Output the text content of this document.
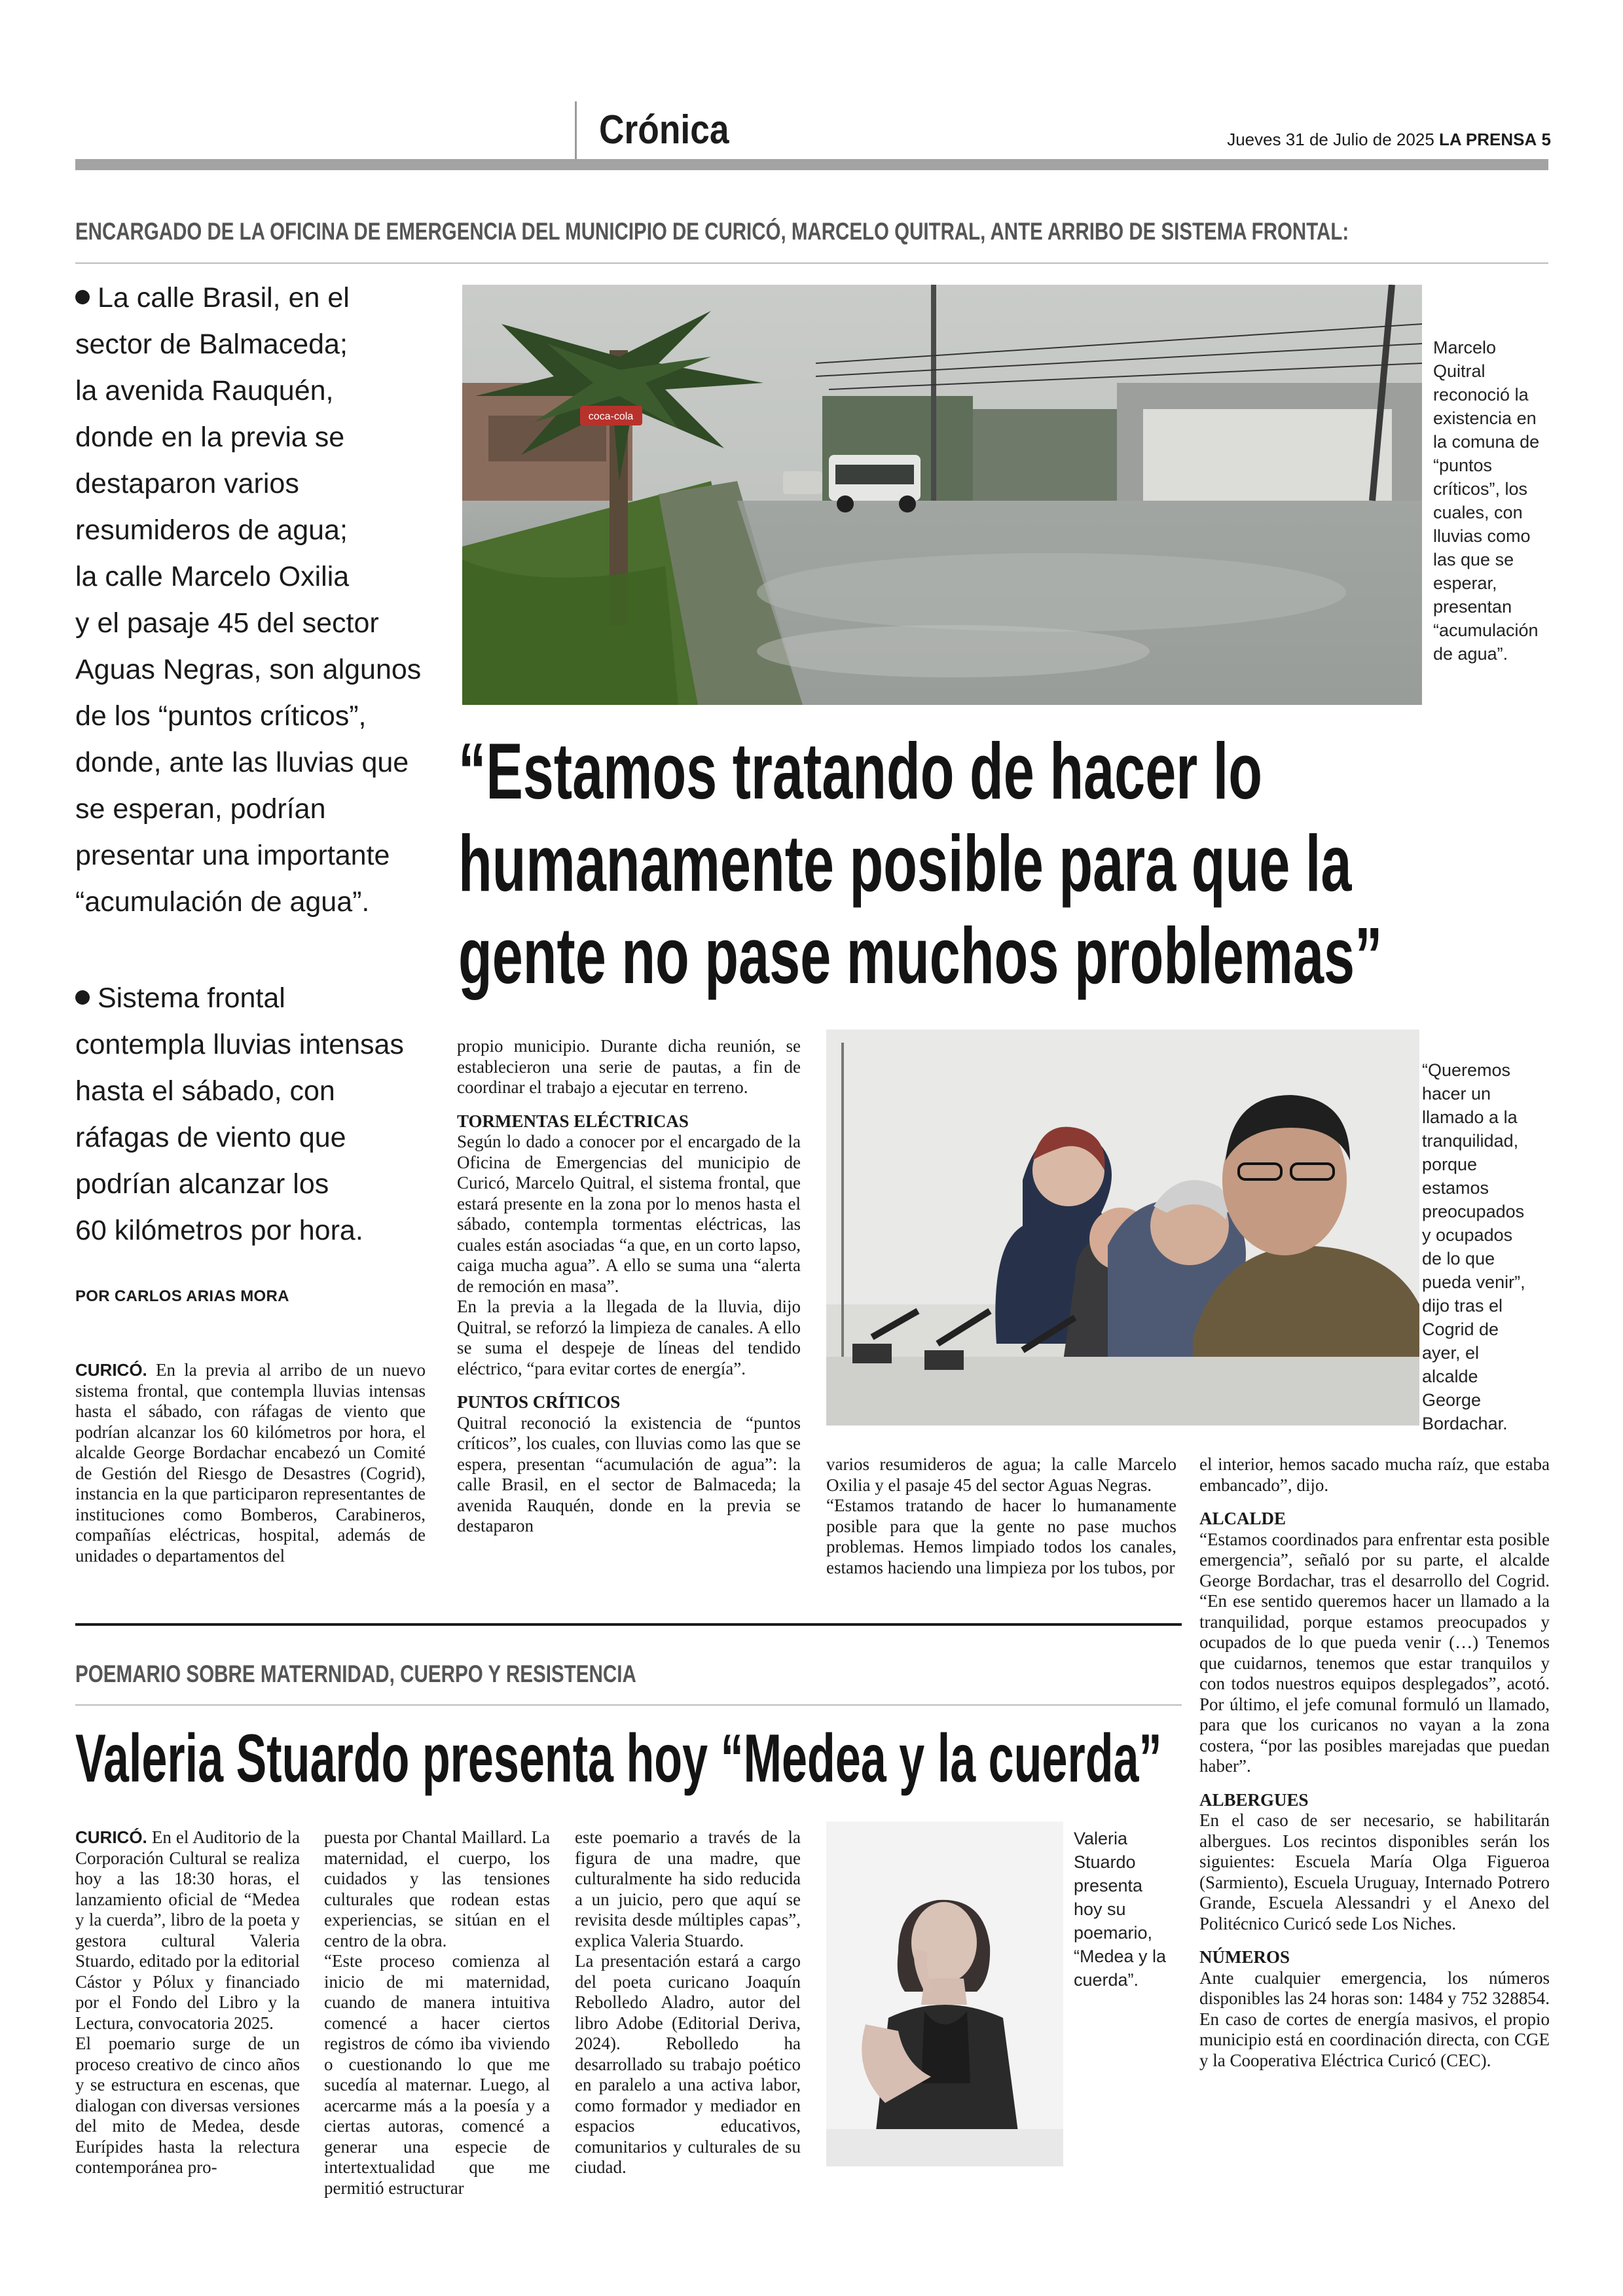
Crónica	Jueves 31 de Julio de 2025 LA PRENSA 5
ENCARGADO DE LA OFICINA DE EMERGENCIA DEL MUNICIPIO DE CURICÓ, MARCELO QUITRAL, ANTE ARRIBO DE SISTEMA FRONTAL:
La calle Brasil, en el
sector de Balmaceda;
la avenida Rauquén,
donde en la previa se
destaparon varios
resumideros de agua;
la calle Marcelo Oxilia
y el pasaje 45 del sector
Aguas Negras, son algunos
de los “puntos críticos”,
donde, ante las lluvias que
se esperan, podrían
presentar una importante
“acumulación de agua”.
Sistema frontal
contempla lluvias intensas
hasta el sábado, con
ráfagas de viento que
podrían alcanzar los
60 kilómetros por hora.
POR CARLOS ARIAS MORA
coca-cola
Marcelo Quitral reconoció la existencia en la comuna de “puntos críticos”, los cuales, con lluvias como las que se esperar, presentan “acumulación de agua”.
“Estamos tratando de hacer lo
humanamente posible para que la
gente no pase muchos problemas”
“Queremos hacer un llamado a la tranquilidad, porque estamos preocupados y ocupados de lo que pueda venir”, dijo tras el Cogrid de ayer, el alcalde George Bordachar.

CURICÓ. En la previa al arribo de un nuevo sistema frontal, que contempla lluvias intensas hasta el sábado, con ráfagas de viento que podrían alcanzar los 60 kilómetros por hora, el alcalde George Bordachar encabezó un Comité de Gestión del Riesgo de Desastres (Cogrid), instancia en la que participaron representantes de instituciones como Bomberos, Carabineros, compañías eléctricas, hospital, además de unidades o departamentos del

propio municipio. Durante dicha reunión, se establecieron una serie de pautas, a fin de coordinar el trabajo a ejecutar en terreno.

TORMENTAS ELÉCTRICAS

Según lo dado a conocer por el encargado de la Oficina de Emergencias del municipio de Curicó, Marcelo Quitral, el sistema frontal, que estará presente en la zona por lo menos hasta el sábado, contempla tormentas eléctricas, las cuales están asociadas “a que, en un corto lapso, caiga mucha agua”. A ello se suma una “alerta de remoción en masa”.

En la previa a la llegada de la lluvia, dijo Quitral, se reforzó la limpieza de canales. A ello se suma el despeje de líneas del tendido eléctrico, “para evitar cortes de energía”.

PUNTOS CRÍTICOS

Quitral reconoció la existencia de “puntos críticos”, los cuales, con lluvias como las que se espera, presentan “acumulación de agua”: la calle Brasil, en el sector de Balmaceda; la avenida Rauquén, donde en la previa se destaparon

varios resumideros de agua; la calle Marcelo Oxilia y el pasaje 45 del sector Aguas Negras.

“Estamos tratando de hacer lo humanamente posible para que la gente no pase muchos problemas. Hemos limpiado todos los canales, estamos haciendo una limpieza por los tubos, por

el interior, hemos sacado mucha raíz, que estaba embancado”, dijo.

ALCALDE

“Estamos coordinados para enfrentar esta posible emergencia”, señaló por su parte, el alcalde George Bordachar, tras el desarrollo del Cogrid. “En ese sentido queremos hacer un llamado a la tranquilidad, porque estamos preocupados y ocupados de lo que pueda venir (…) Tenemos que cuidarnos, tenemos que estar tranquilos y con todos nuestros equipos desplegados”, acotó. Por último, el jefe comunal formuló un llamado, para que los curicanos no vayan a la zona costera, “por las posibles marejadas que puedan haber”.

ALBERGUES

En el caso de ser necesario, se habilitarán albergues. Los recintos disponibles serán los siguientes: Escuela María Olga Figueroa (Sarmiento), Escuela Uruguay, Internado Potrero Grande, Escuela Alessandri y el Anexo del Politécnico Curicó sede Los Niches.

NÚMEROS

Ante cualquier emergencia, los números disponibles las 24 horas son: 1484 y 752 328854. En caso de cortes de energía masivos, el propio municipio está en coordinación directa, con CGE y la Cooperativa Eléctrica Curicó (CEC).

POEMARIO SOBRE MATERNIDAD, CUERPO Y RESISTENCIA
Valeria Stuardo presenta hoy “Medea y la cuerda”
Valeria Stuardo presenta hoy su poemario, “Medea y la cuerda”.

CURICÓ. En el Auditorio de la Corporación Cultural se realiza hoy a las 18:30 horas, el lanzamiento oficial de “Medea y la cuerda”, libro de la poeta y gestora cultural Valeria Stuardo, editado por la editorial Cástor y Pólux y financiado por el Fondo del Libro y la Lectura, convocatoria 2025.

El poemario surge de un proceso creativo de cinco años y se estructura en escenas, que dialogan con diversas versiones del mito de Medea, desde Eurípides hasta la relectura contemporánea pro-

puesta por Chantal Maillard. La maternidad, el cuerpo, los cuidados y las tensiones culturales que rodean estas experiencias, se sitúan en el centro de la obra.

“Este proceso comienza al inicio de mi maternidad, cuando de manera intuitiva comencé a hacer ciertos registros de cómo iba viviendo o cuestionando lo que me sucedía al maternar. Luego, al acercarme más a la poesía y a ciertas autoras, comencé a generar una especie de intertextualidad que me permitió estructurar

este poemario a través de la figura de una madre, que culturalmente ha sido reducida a un juicio, pero que aquí se revisita desde múltiples capas”, explica Valeria Stuardo.

La presentación estará a cargo del poeta curicano Joaquín Rebolledo Aladro, autor del libro Adobe (Editorial Deriva, 2024). Rebolledo ha desarrollado su trabajo poético en paralelo a una activa labor, como formador y mediador en espacios educativos, comunitarios y culturales de su ciudad.
